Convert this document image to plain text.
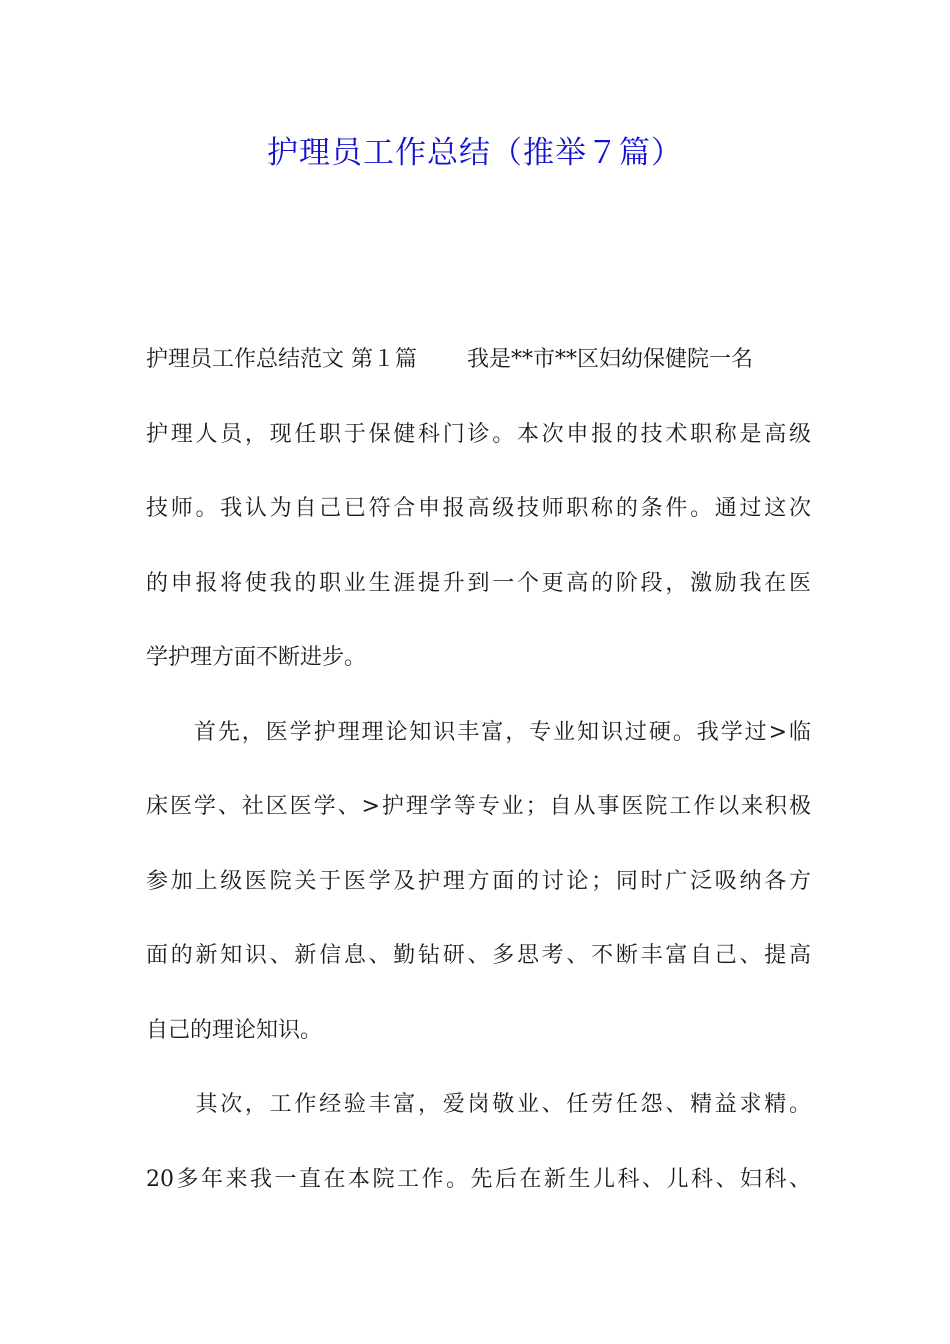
护理员工作总结（推举７篇）

护理员工作总结范文 第１篇 我是**市**区妇幼保健院一名

护理人员，现任职于保健科门诊。本次申报的技术职称是高级

技师。我认为自己已符合申报高级技师职称的条件。通过这次

的申报将使我的职业生涯提升到一个更高的阶段，激励我在医

学护理方面不断进步。

　　首先，医学护理理论知识丰富，专业知识过硬。我学过>临

床医学、社区医学、>护理学等专业；自从事医院工作以来积极

参加上级医院关于医学及护理方面的讨论；同时广泛吸纳各方

面的新知识、新信息、勤钻研、多思考、不断丰富自己、提高

自己的理论知识。

　　其次，工作经验丰富，爱岗敬业、任劳任怨、精益求精。

20多年来我一直在本院工作。先后在新生儿科、儿科、妇科、
